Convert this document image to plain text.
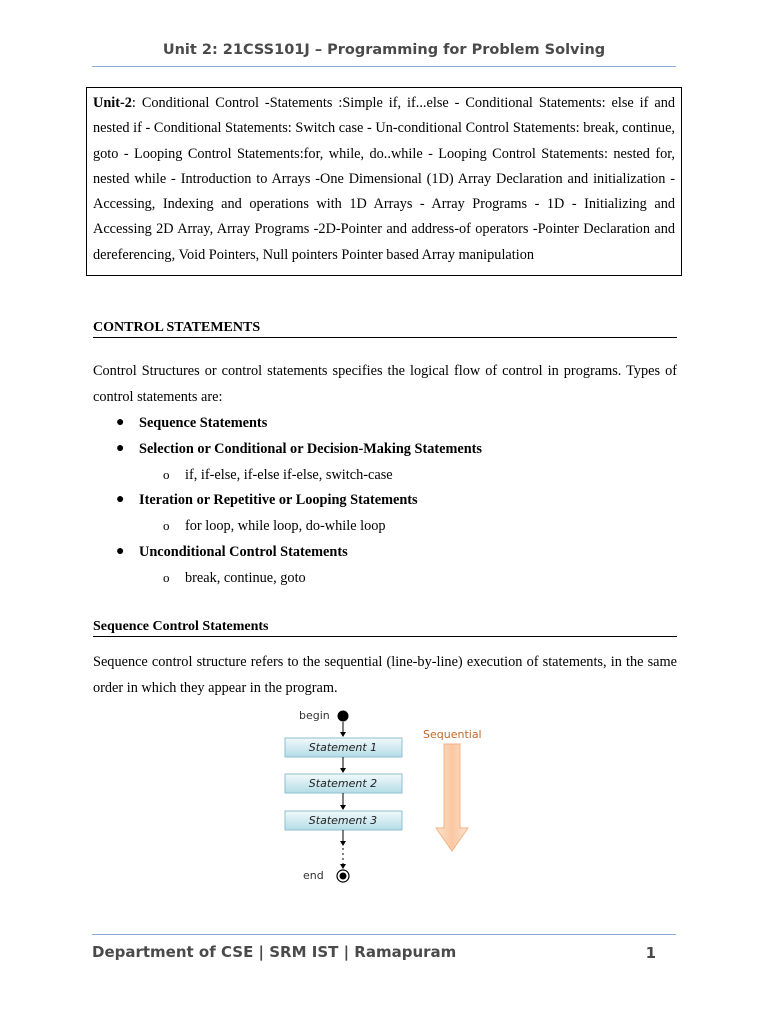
Unit 2: 21CSS101J – Programming for Problem Solving
Unit-2: Conditional Control -Statements :Simple if, if...else - Conditional Statements: else if and nested if - Conditional Statements: Switch case - Un-conditional Control Statements: break, continue, goto - Looping Control Statements:for, while, do..while - Looping Control Statements: nested for, nested while - Introduction to Arrays -One Dimensional (1D) Array Declaration and initialization - Accessing, Indexing and operations with 1D Arrays - Array Programs - 1D - Initializing and Accessing 2D Array, Array Programs -2D-Pointer and address-of operators -Pointer Declaration and dereferencing, Void Pointers, Null pointers Pointer based Array manipulation
CONTROL STATEMENTS
Control Structures or control statements specifies the logical flow of control in programs. Types of control statements are:
● Sequence Statements
● Selection or Conditional or Decision-Making Statements
o if, if-else, if-else if-else, switch-case
● Iteration or Repetitive or Looping Statements
o for loop, while loop, do-while loop
● Unconditional Control Statements
o break, continue, goto
Sequence Control Statements
Sequence control structure refers to the sequential (line-by-line) execution of statements, in the same order in which they appear in the program.
begin
Statement 1
Statement 2
Statement 3
end
Sequential
Department of CSE | SRM IST | Ramapuram	1
